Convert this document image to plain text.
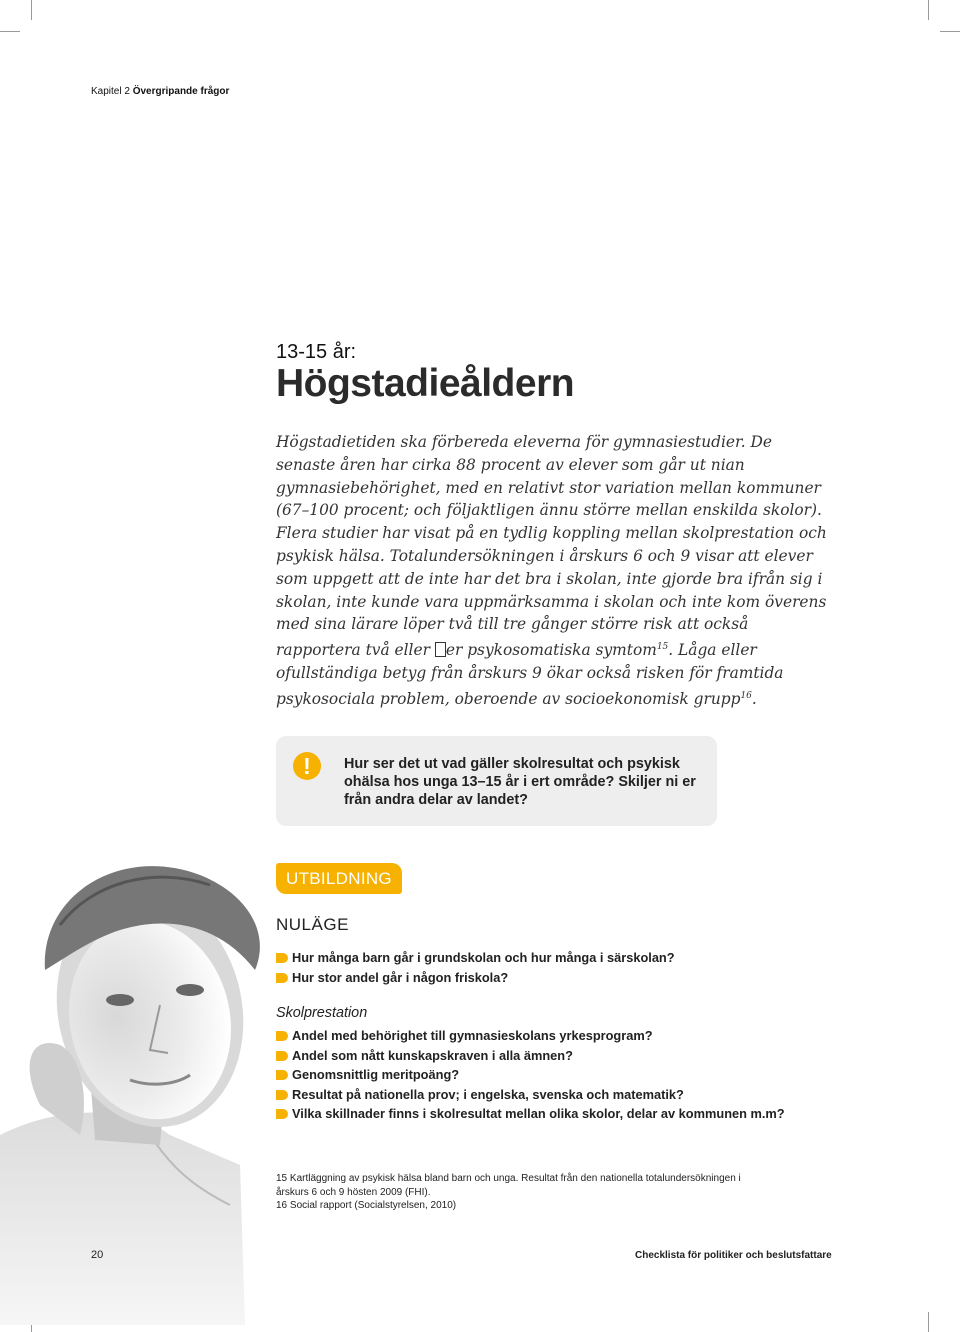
Kapitel 2 Övergripande frågor
13-15 år:
Högstadieåldern

Högstadietiden ska förbereda eleverna för gymnasiestudier. De senaste åren har cirka 88 procent av elever som går ut nian gymnasiebehörighet, med en relativt stor variation mellan kommuner (67–100 procent; och följaktligen ännu större mellan enskilda skolor). Flera studier har visat på en tydlig koppling mellan skolprestation och psykisk hälsa. Totalundersökningen i årskurs 6 och 9 visar att elever som uppgett att de inte har det bra i skolan, inte gjorde bra ifrån sig i skolan, inte kunde vara uppmärksamma i skolan och inte kom överens med sina lärare löper två till tre gånger större risk att också rapportera två eller er psykosomatiska symtom$^{15}$. Låga eller ofullständiga betyg från årskurs 9 ökar också risken för framtida psykosociala problem, oberoende av socioekonomisk grupp$^{16}$.

!	Hur ser det ut vad gäller skolresultat och psykisk ohälsa hos unga 13–15 år i ert område? Skiljer ni er från andra delar av landet?
UTBILDNING
NULÄGE
Hur många barn går i grundskolan och hur många i särskolan?
Hur stor andel går i någon friskola?
Skolprestation
Andel med behörighet till gymnasieskolans yrkesprogram?
Andel som nått kunskapskraven i alla ämnen?
Genomsnittlig meritpoäng?
Resultat på nationella prov; i engelska, svenska och matematik?
Vilka skillnader finns i skolresultat mellan olika skolor, delar av kommunen m.m?

15 Kartläggning av psykisk hälsa bland barn och unga. Resultat från den nationella totalundersökningen i

årskurs 6 och 9 hösten 2009 (FHI).

16 Social rapport (Socialstyrelsen, 2010)

20	Checklista för politiker och beslutsfattare
